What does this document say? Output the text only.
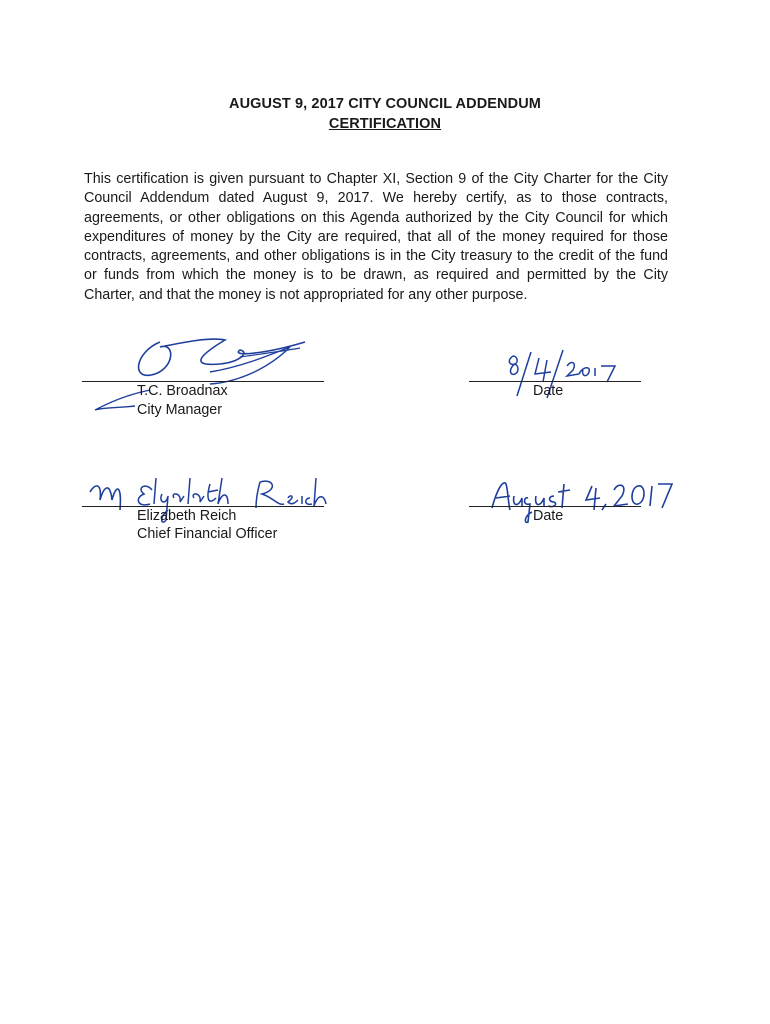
AUGUST 9, 2017 CITY COUNCIL ADDENDUM
CERTIFICATION

This certification is given pursuant to Chapter XI, Section 9 of the City Charter for the City Council Addendum dated August 9, 2017. We hereby certify, as to those contracts, agreements, or other obligations on this Agenda authorized by the City Council for which expenditures of money by the City are required, that all of the money required for those contracts, agreements, and other obligations is in the City treasury to the credit of the fund or funds from which the money is to be drawn, as required and permitted by the City Charter, and that the money is not appropriated for any other purpose.

T.C. Broadnax
City Manager
Date
Elizabeth Reich
Chief Financial Officer
Date
